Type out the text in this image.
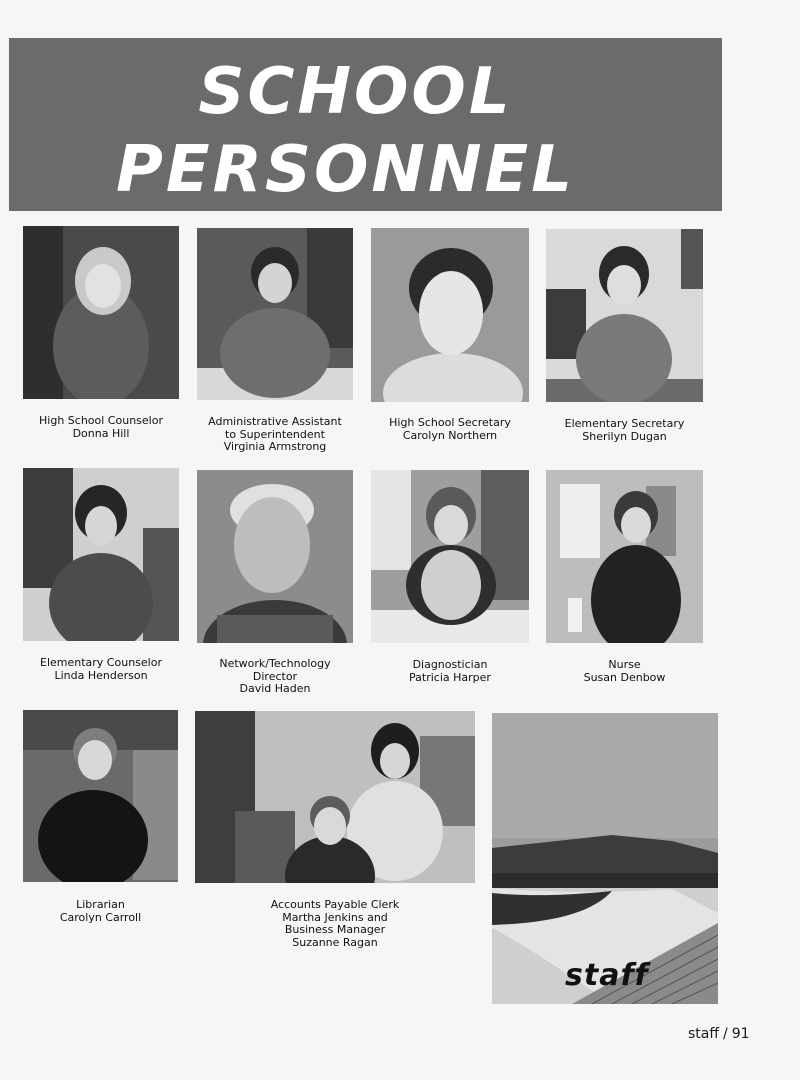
SCHOOL
PERSONNEL
High School Counselor
Donna Hill
Administrative Assistant
to Superintendent
Virginia Armstrong
High School Secretary
Carolyn Northern
Elementary Secretary
Sherilyn Dugan
Elementary Counselor
Linda Henderson
Network/Technology
Director
David Haden
Diagnostician
Patricia Harper
Nurse
Susan Denbow
Librarian
Carolyn Carroll
Accounts Payable Clerk
Martha Jenkins and
Business Manager
Suzanne Ragan
staff
staff / 91
